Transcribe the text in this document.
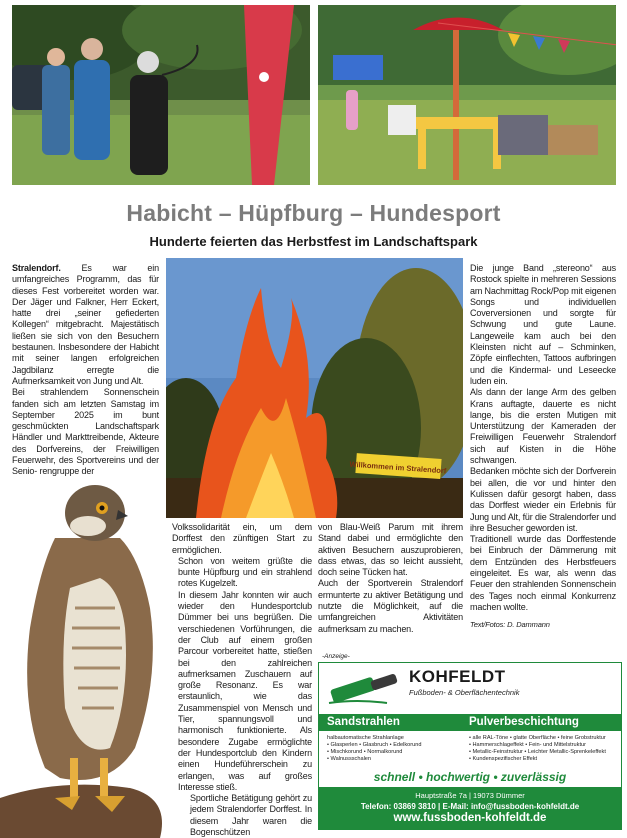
Habicht – Hüpfburg – Hundesport
Hunderte feierten das Herbstfest im Landschaftspark
Willkommen im Stralendorf

Stralendorf. Es war ein umfangreiches Programm, das für dieses Fest vorbereitet worden war. Der Jäger und Falkner, Herr Eckert, hatte drei „seiner gefiederten Kollegen“ mitgebracht. Majestätisch ließen sie sich von den Besuchern bestaunen. Insbesondere der Habicht mit seiner langen erfolgreichen Jagdbilanz erregte die Aufmerksamkeit von Jung und Alt.

Bei strahlendem Sonnenschein fanden sich am letzten Samstag im September 2025 im bunt geschmückten Landschaftspark Händler und Markttreibende, Akteure des Dorfvereins, der Freiwilligen Feuerwehr, des Sportvereins und der Senio- rengruppe der

Volkssolidarität ein, um dem Dorffest den zünftigen Start zu ermöglichen.

Schon von weitem grüßte die bunte Hüpfburg und ein strahlend rotes Kugelzelt.

In diesem Jahr konnten wir auch wieder den Hundesportclub Dümmer bei uns begrüßen. Die verschiedenen Vorführungen, die der Club auf einem großen Parcour vorbereitet hatte, stießen bei den zahlreichen aufmerksamen Zuschauern auf große Resonanz. Es war erstaunlich, wie das Zusammenspiel von Mensch und Tier, spannungsvoll und harmonisch funktionierte. Als besondere Zugabe ermöglichte der Hundesportclub den Kindern einen Hundeführerschein zu erlangen, was auf großes Interesse stieß.

Sportliche Betätigung gehört zu jedem Stralendorfer Dorffest. In diesem Jahr waren die Bogenschützen

von Blau-Weiß Parum mit ihrem Stand dabei und ermöglichte den aktiven Besuchern auszuprobieren, dass etwas, das so leicht aussieht, doch seine Tücken hat.

Auch der Sportverein Stralendorf ermunterte zu aktiver Betätigung und nutzte die Möglichkeit, auf die umfangreichen Aktivitäten aufmerksam zu machen.

-Anzeige-

Die junge Band „stereono“ aus Rostock spielte in mehreren Sessions am Nachmittag Rock/Pop mit eigenen Songs und individuellen Coverversionen und sorgte für Schwung und gute Laune. Langeweile kam auch bei den Kleinsten nicht auf – Schminken, Zöpfe einflechten, Tattoos aufbringen und die Kindermal- und Leseecke luden ein.

Als dann der lange Arm des gelben Krans auftagte, dauerte es nicht lange, bis die ersten Mutigen mit Unterstützung der Kameraden der Freiwilligen Feuerwehr Stralendorf sich auf Kisten in die Höhe schwangen.

Bedanken möchte sich der Dorfverein bei allen, die vor und hinter den Kulissen dafür gesorgt haben, dass das Dorffest wieder ein Erlebnis für Jung und Alt, für die Stralendorfer und ihre Besucher geworden ist.

Traditionell wurde das Dorffestende bei Einbruch der Dämmerung mit dem Entzünden des Herbstfeuers eingeleitet. Es war, als wenn das Feuer den strahlenden Sonnenschein des Tages noch einmal Konkurrenz machen wollte.

Text/Fotos: D. Dammann

KOHFELDT
Fußboden- & Oberflächentechnik
Sandstrahlen	Pulverbeschichtung
halbautomatische Strahlanlage
• Glasperlen • Glasbruch • Edelkorund
• Mischkorund • Normalkorund
• Walnussschalen
• alle RAL-Töne • glatte Oberfläche • feine Grobstruktur
• Hammerschlageffekt • Fein- und Mittelstruktur
• Metallic-Feinstruktur • Leichter Metallic-Sprenkeleffekt
• Kundenspezifischer Effekt
schnell • hochwertig • zuverlässig
Hauptstraße 7a | 19073 Dümmer
Telefon: 03869 3810 | E-Mail: info@fussboden-kohfeldt.de
www.fussboden-kohfeldt.de
